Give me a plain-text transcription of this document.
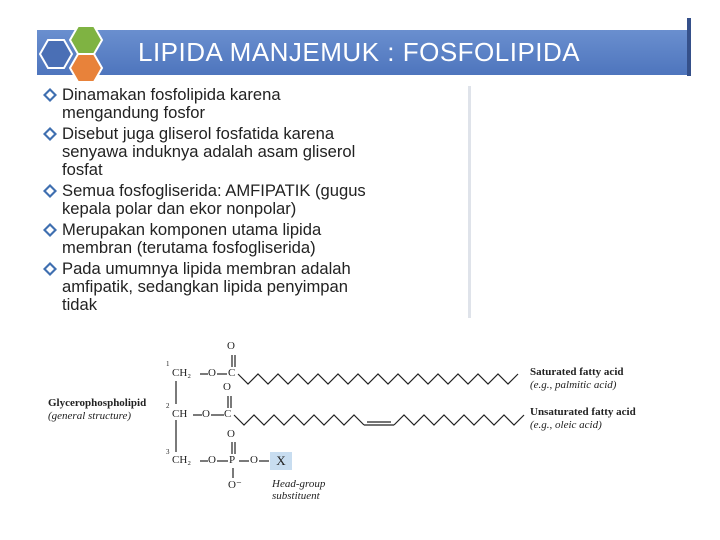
LIPIDA MANJEMUK : FOSFOLIPIDA
Dinamakan fosfolipida karena
mengandung fosfor
Disebut juga gliserol fosfatida karena
senyawa induknya adalah asam gliserol
fosfat
Semua fosfogliserida: AMFIPATIK (gugus
kepala polar dan ekor nonpolar)
Merupakan komponen utama lipida
membran (terutama fosfogliserida)
Pada umumnya lipida membran adalah
amfipatik, sedangkan lipida penyimpan
tidak
O
O
O
1
CH₂ O C
2
CH O C
3
CH₂ O P O
O⁻
X
Glycerophospholipid
(general structure)
Saturated fatty acid
(e.g., palmitic acid)
Unsaturated fatty acid
(e.g., oleic acid)
Head-group
substituent
